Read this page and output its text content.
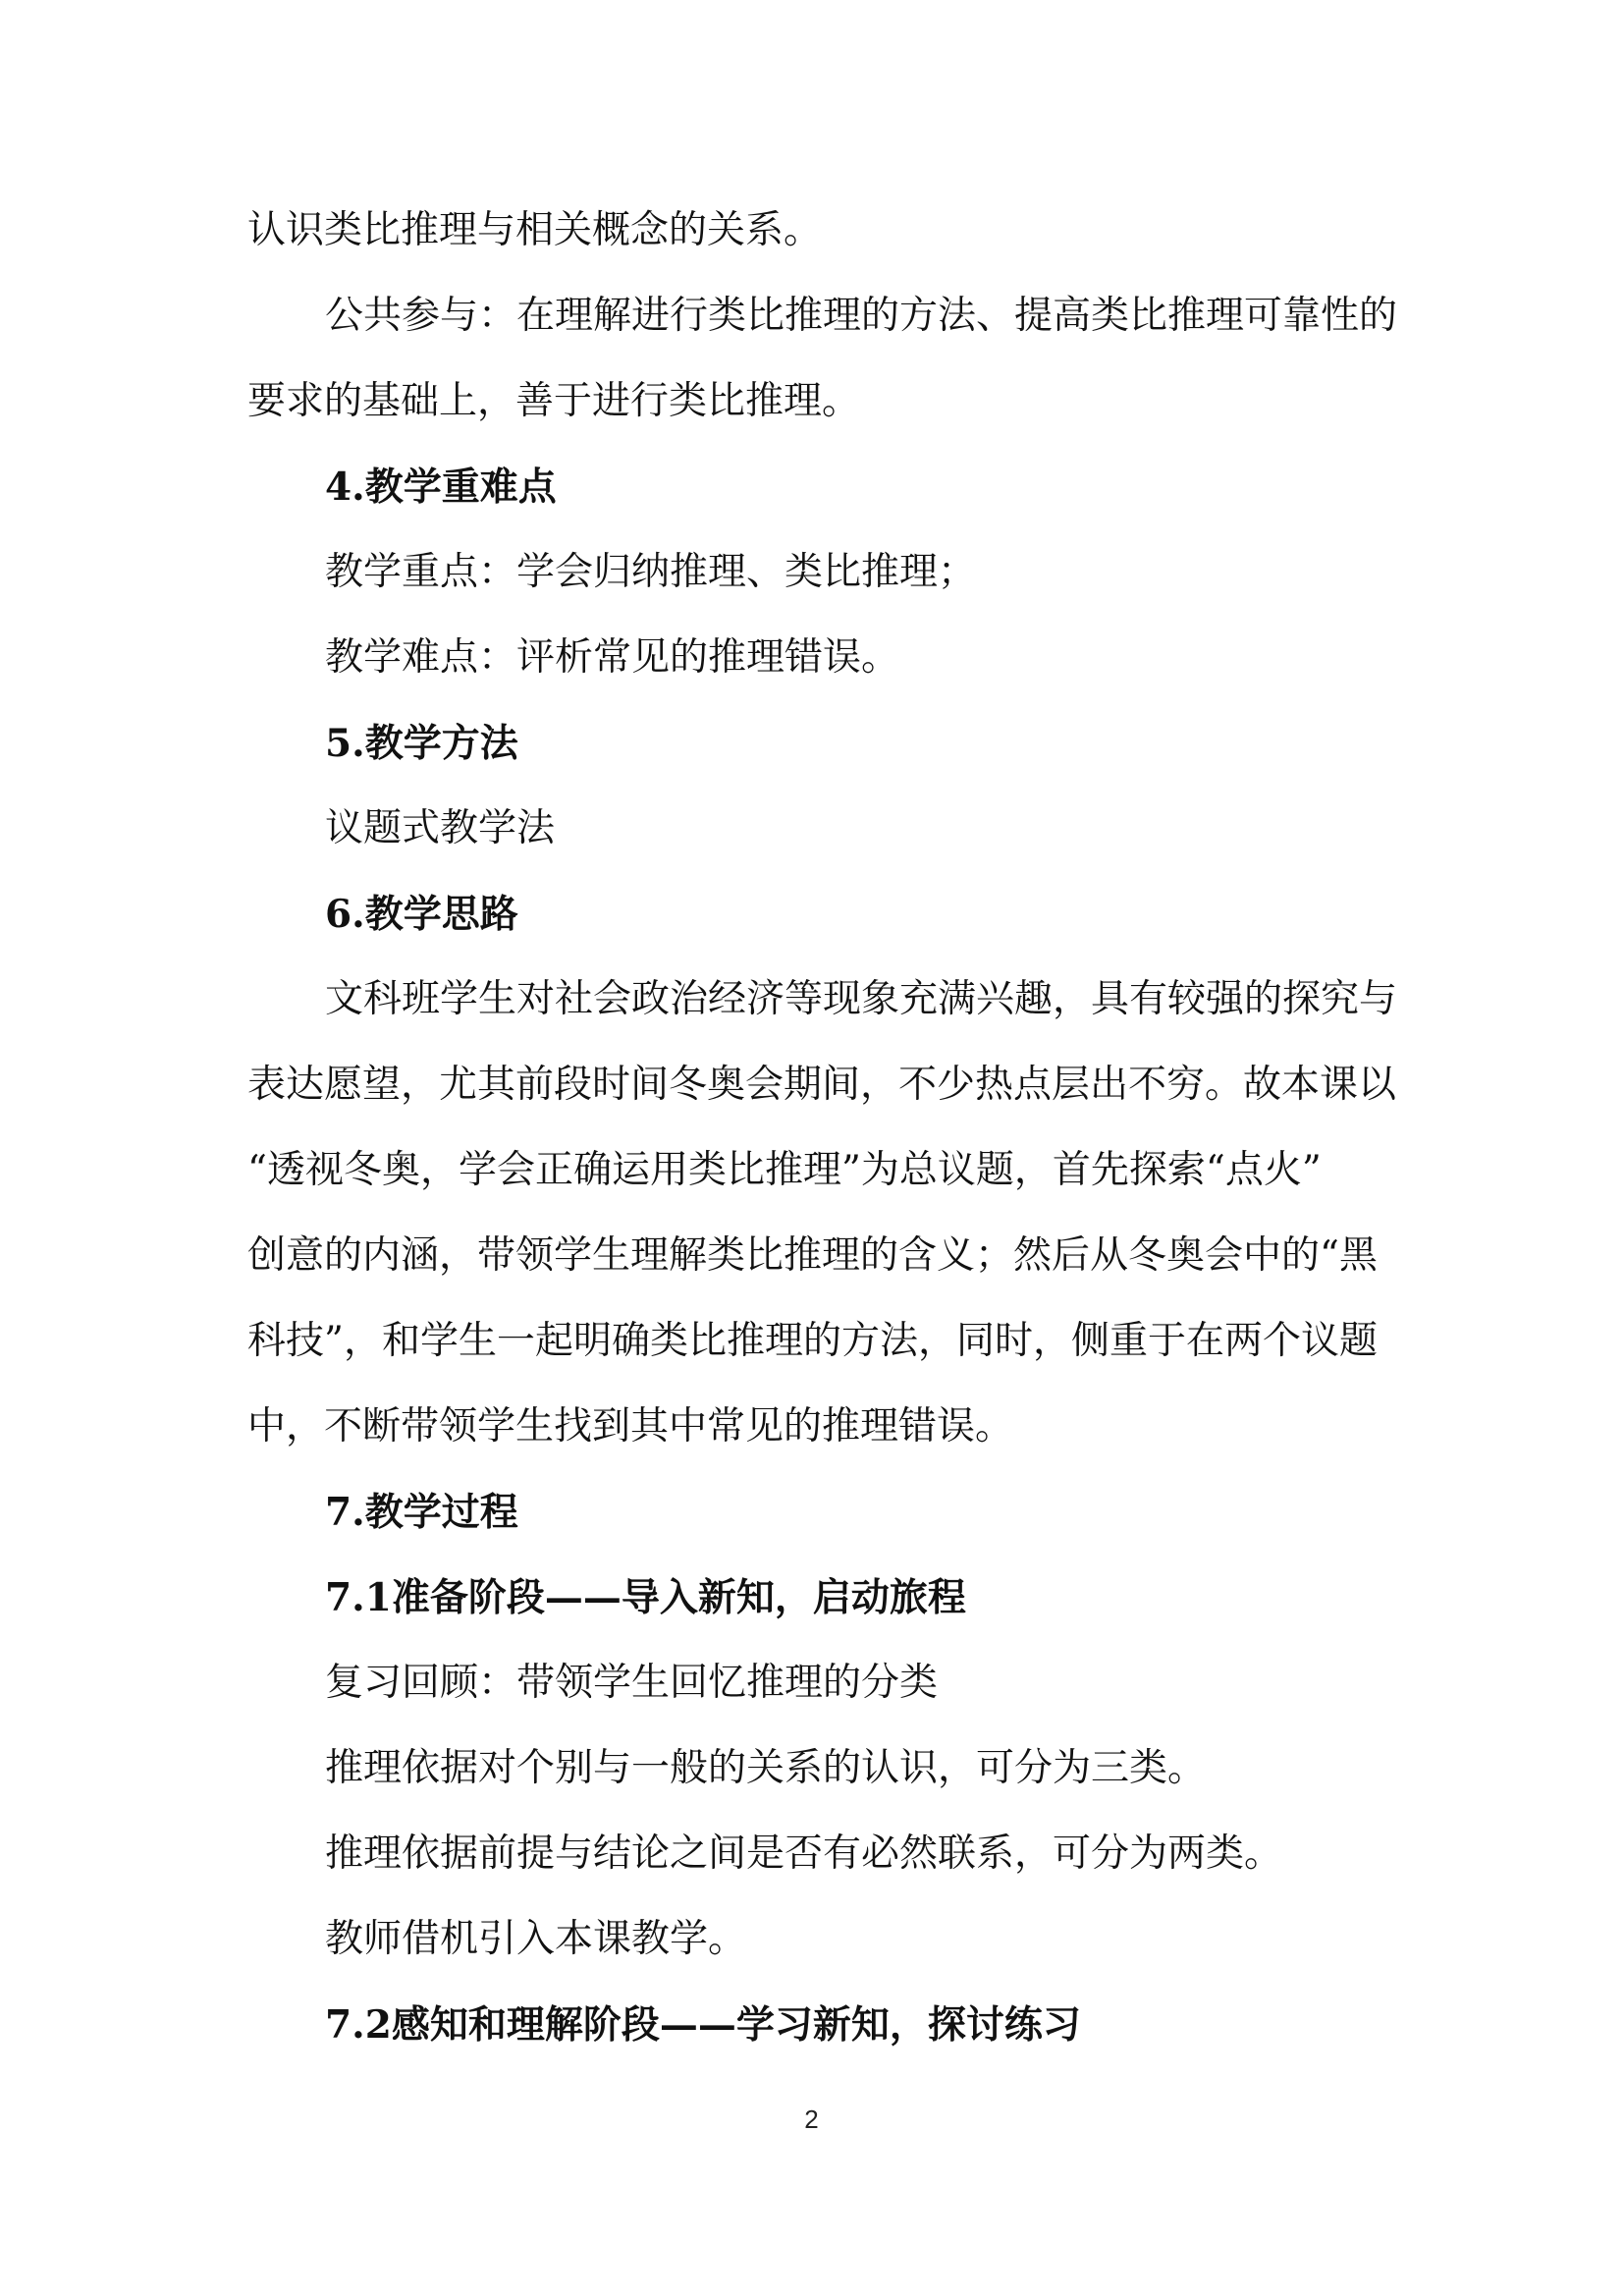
认识类比推理与相关概念的关系。

公共参与：在理解进行类比推理的方法、提高类比推理可靠性的

要求的基础上，善于进行类比推理。

4.教学重难点

教学重点：学会归纳推理、类比推理；

教学难点：评析常见的推理错误。

5.教学方法

议题式教学法

6.教学思路

文科班学生对社会政治经济等现象充满兴趣，具有较强的探究与

表达愿望，尤其前段时间冬奥会期间，不少热点层出不穷。故本课以

“透视冬奥，学会正确运用类比推理”为总议题，首先探索“点火”

创意的内涵，带领学生理解类比推理的含义；然后从冬奥会中的“黑

科技”，和学生一起明确类比推理的方法，同时，侧重于在两个议题

中，不断带领学生找到其中常见的推理错误。

7.教学过程

7.1准备阶段——导入新知，启动旅程

复习回顾：带领学生回忆推理的分类

推理依据对个别与一般的关系的认识，可分为三类。

推理依据前提与结论之间是否有必然联系，可分为两类。

教师借机引入本课教学。

7.2感知和理解阶段——学习新知，探讨练习

2
